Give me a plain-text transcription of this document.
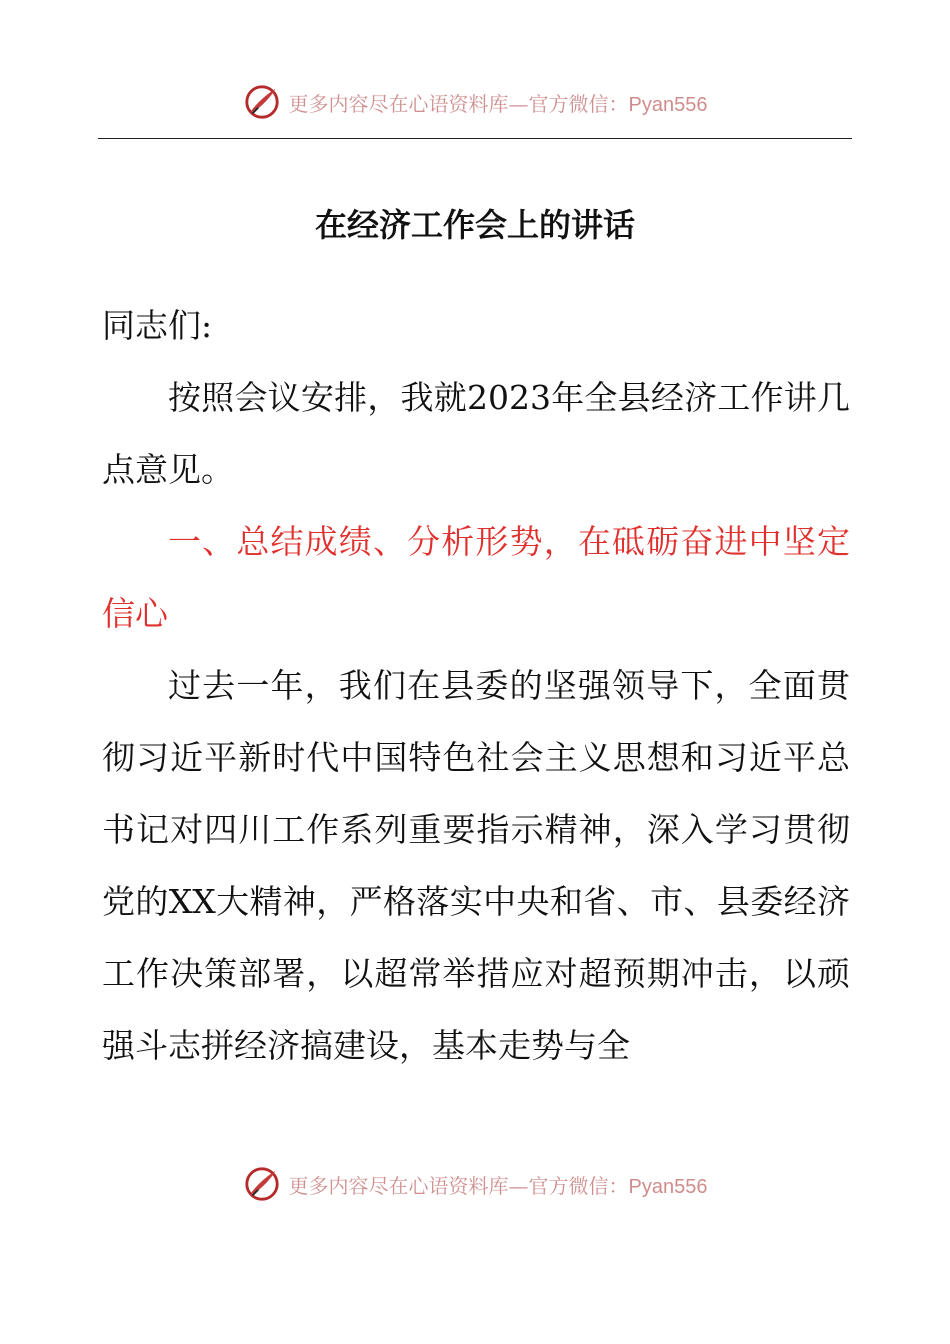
更多内容尽在心语资料库—官方微信：Pyan556
在经济工作会上的讲话

同志们:

按照会议安排，我就2023年全县经济工作讲几点意见。

一、总结成绩、分析形势，在砥砺奋进中坚定信心

过去一年，我们在县委的坚强领导下，全面贯彻习近平新时代中国特色社会主义思想和习近平总书记对四川工作系列重要指示精神，深入学习贯彻党的XX大精神，严格落实中央和省、市、县委经济工作决策部署，以超常举措应对超预期冲击，以顽强斗志拼经济搞建设，基本走势与全

更多内容尽在心语资料库—官方微信：Pyan556
